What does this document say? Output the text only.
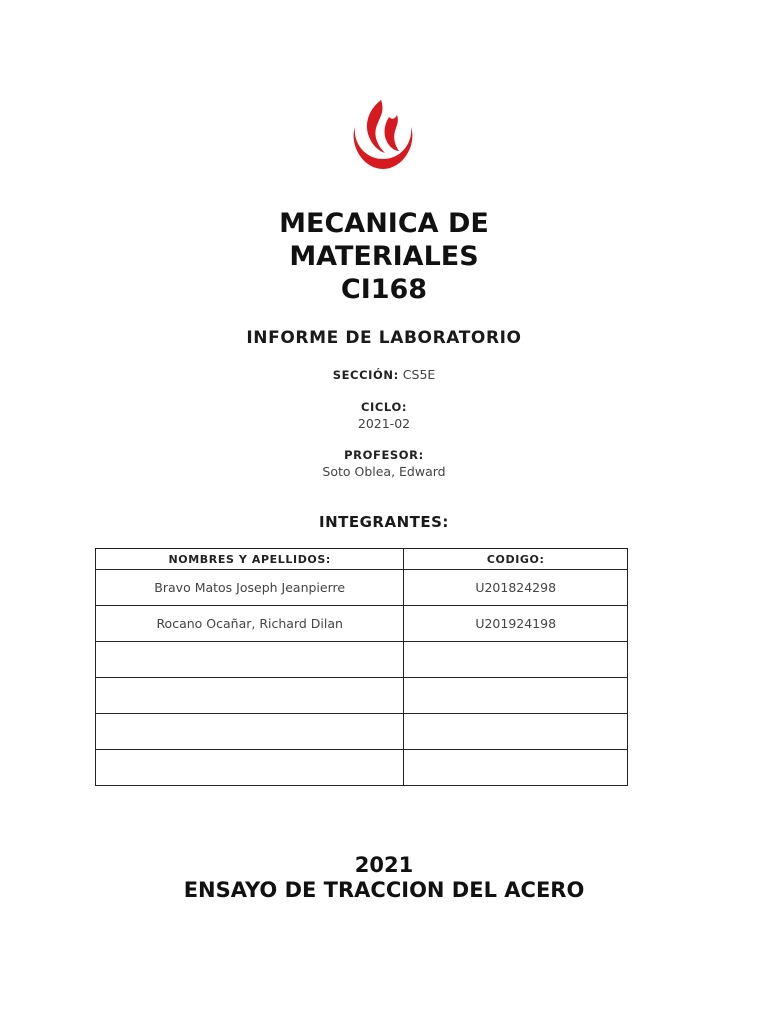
MECANICA DE
MATERIALES
CI168
INFORME DE LABORATORIO
SECCIÓN: CS5E
CICLO:
2021-02
PROFESOR:
Soto Oblea, Edward
INTEGRANTES:
NOMBRES Y APELLIDOS:	CODIGO:
Bravo Matos Joseph Jeanpierre	U201824298
Rocano Ocañar, Richard Dilan	U201924198

2021
ENSAYO DE TRACCION DEL ACERO
